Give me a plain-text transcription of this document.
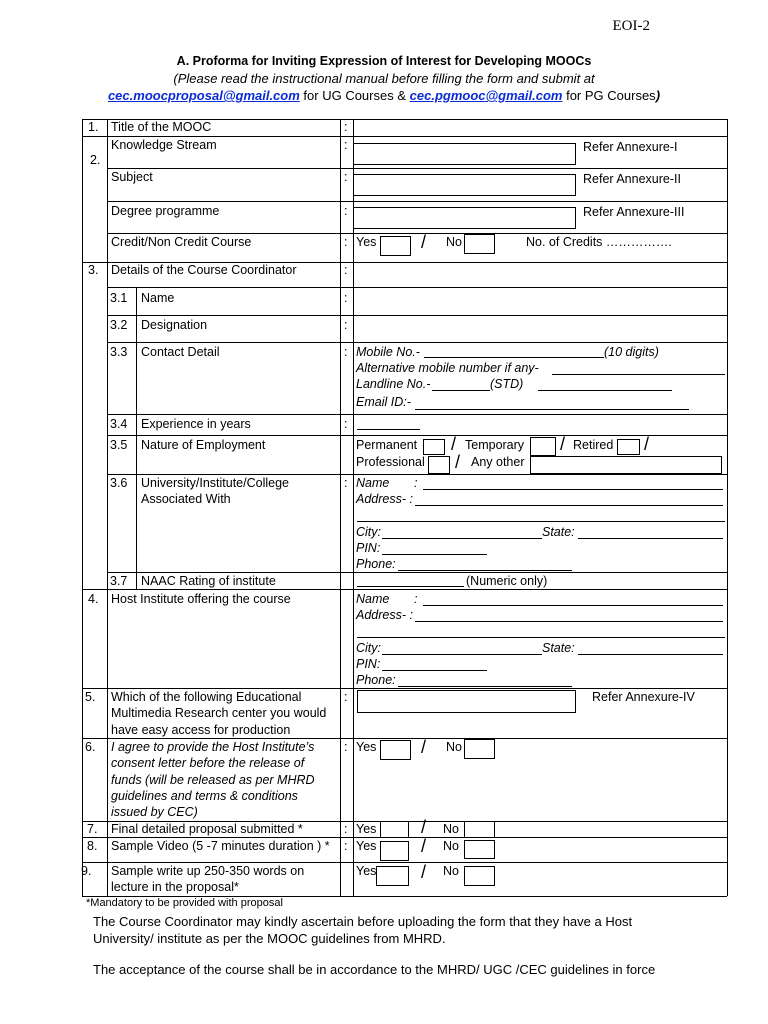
EOI-2
A. Proforma for Inviting Expression of Interest for Developing MOOCs
(Please read the instructional manual before filling the form and submit at
cec.moocproposal@gmail.com for UG Courses & cec.pgmooc@gmail.com for PG Courses)
1. Title of the MOOC	:
2.
Knowledge Stream	:	Refer Annexure-I
Subject	:	Refer Annexure-II
Degree programme	:	Refer Annexure-III
Credit/Non Credit Course	: Yes / No	No. of Credits …………….
3. Details of the Course Coordinator	:
3.1 Name	:
3.2 Designation	:
3.3 Contact Detail	: Mobile No.-	(10 digits)
Alternative mobile number if any-
Landline No.-	(STD)
Email ID:-
3.4 Experience in years	:
3.5 Nature of Employment	Permanent / Temporary / Retired /
Professional / Any other
3.6 University/Institute/College
Associated With
: Name :
Address- :
City:	State:
PIN:
Phone:
3.7 NAAC Rating of institute	(Numeric only)
4. Host Institute offering the course	Name :
Address- :
City:	State:
PIN:
Phone:
5. Which of the following Educational
Multimedia Research center you would
have easy access for production
:	Refer Annexure-IV
6. I agree to provide the Host Institute’s
consent letter before the release of
funds (will be released as per MHRD
guidelines and terms & conditions
issued by CEC)
: Yes / No
7. Final detailed proposal submitted *	: Yes / No
8. Sample Video (5 -7 minutes duration ) * : Yes / No
9. Sample write up 250-350 words on
lecture in the proposal*
Yes / No
*Mandatory to be provided with proposal
The Course Coordinator may kindly ascertain before uploading the form that they have a Host
University/ institute as per the MOOC guidelines from MHRD.
The acceptance of the course shall be in accordance to the MHRD/ UGC /CEC guidelines in force
